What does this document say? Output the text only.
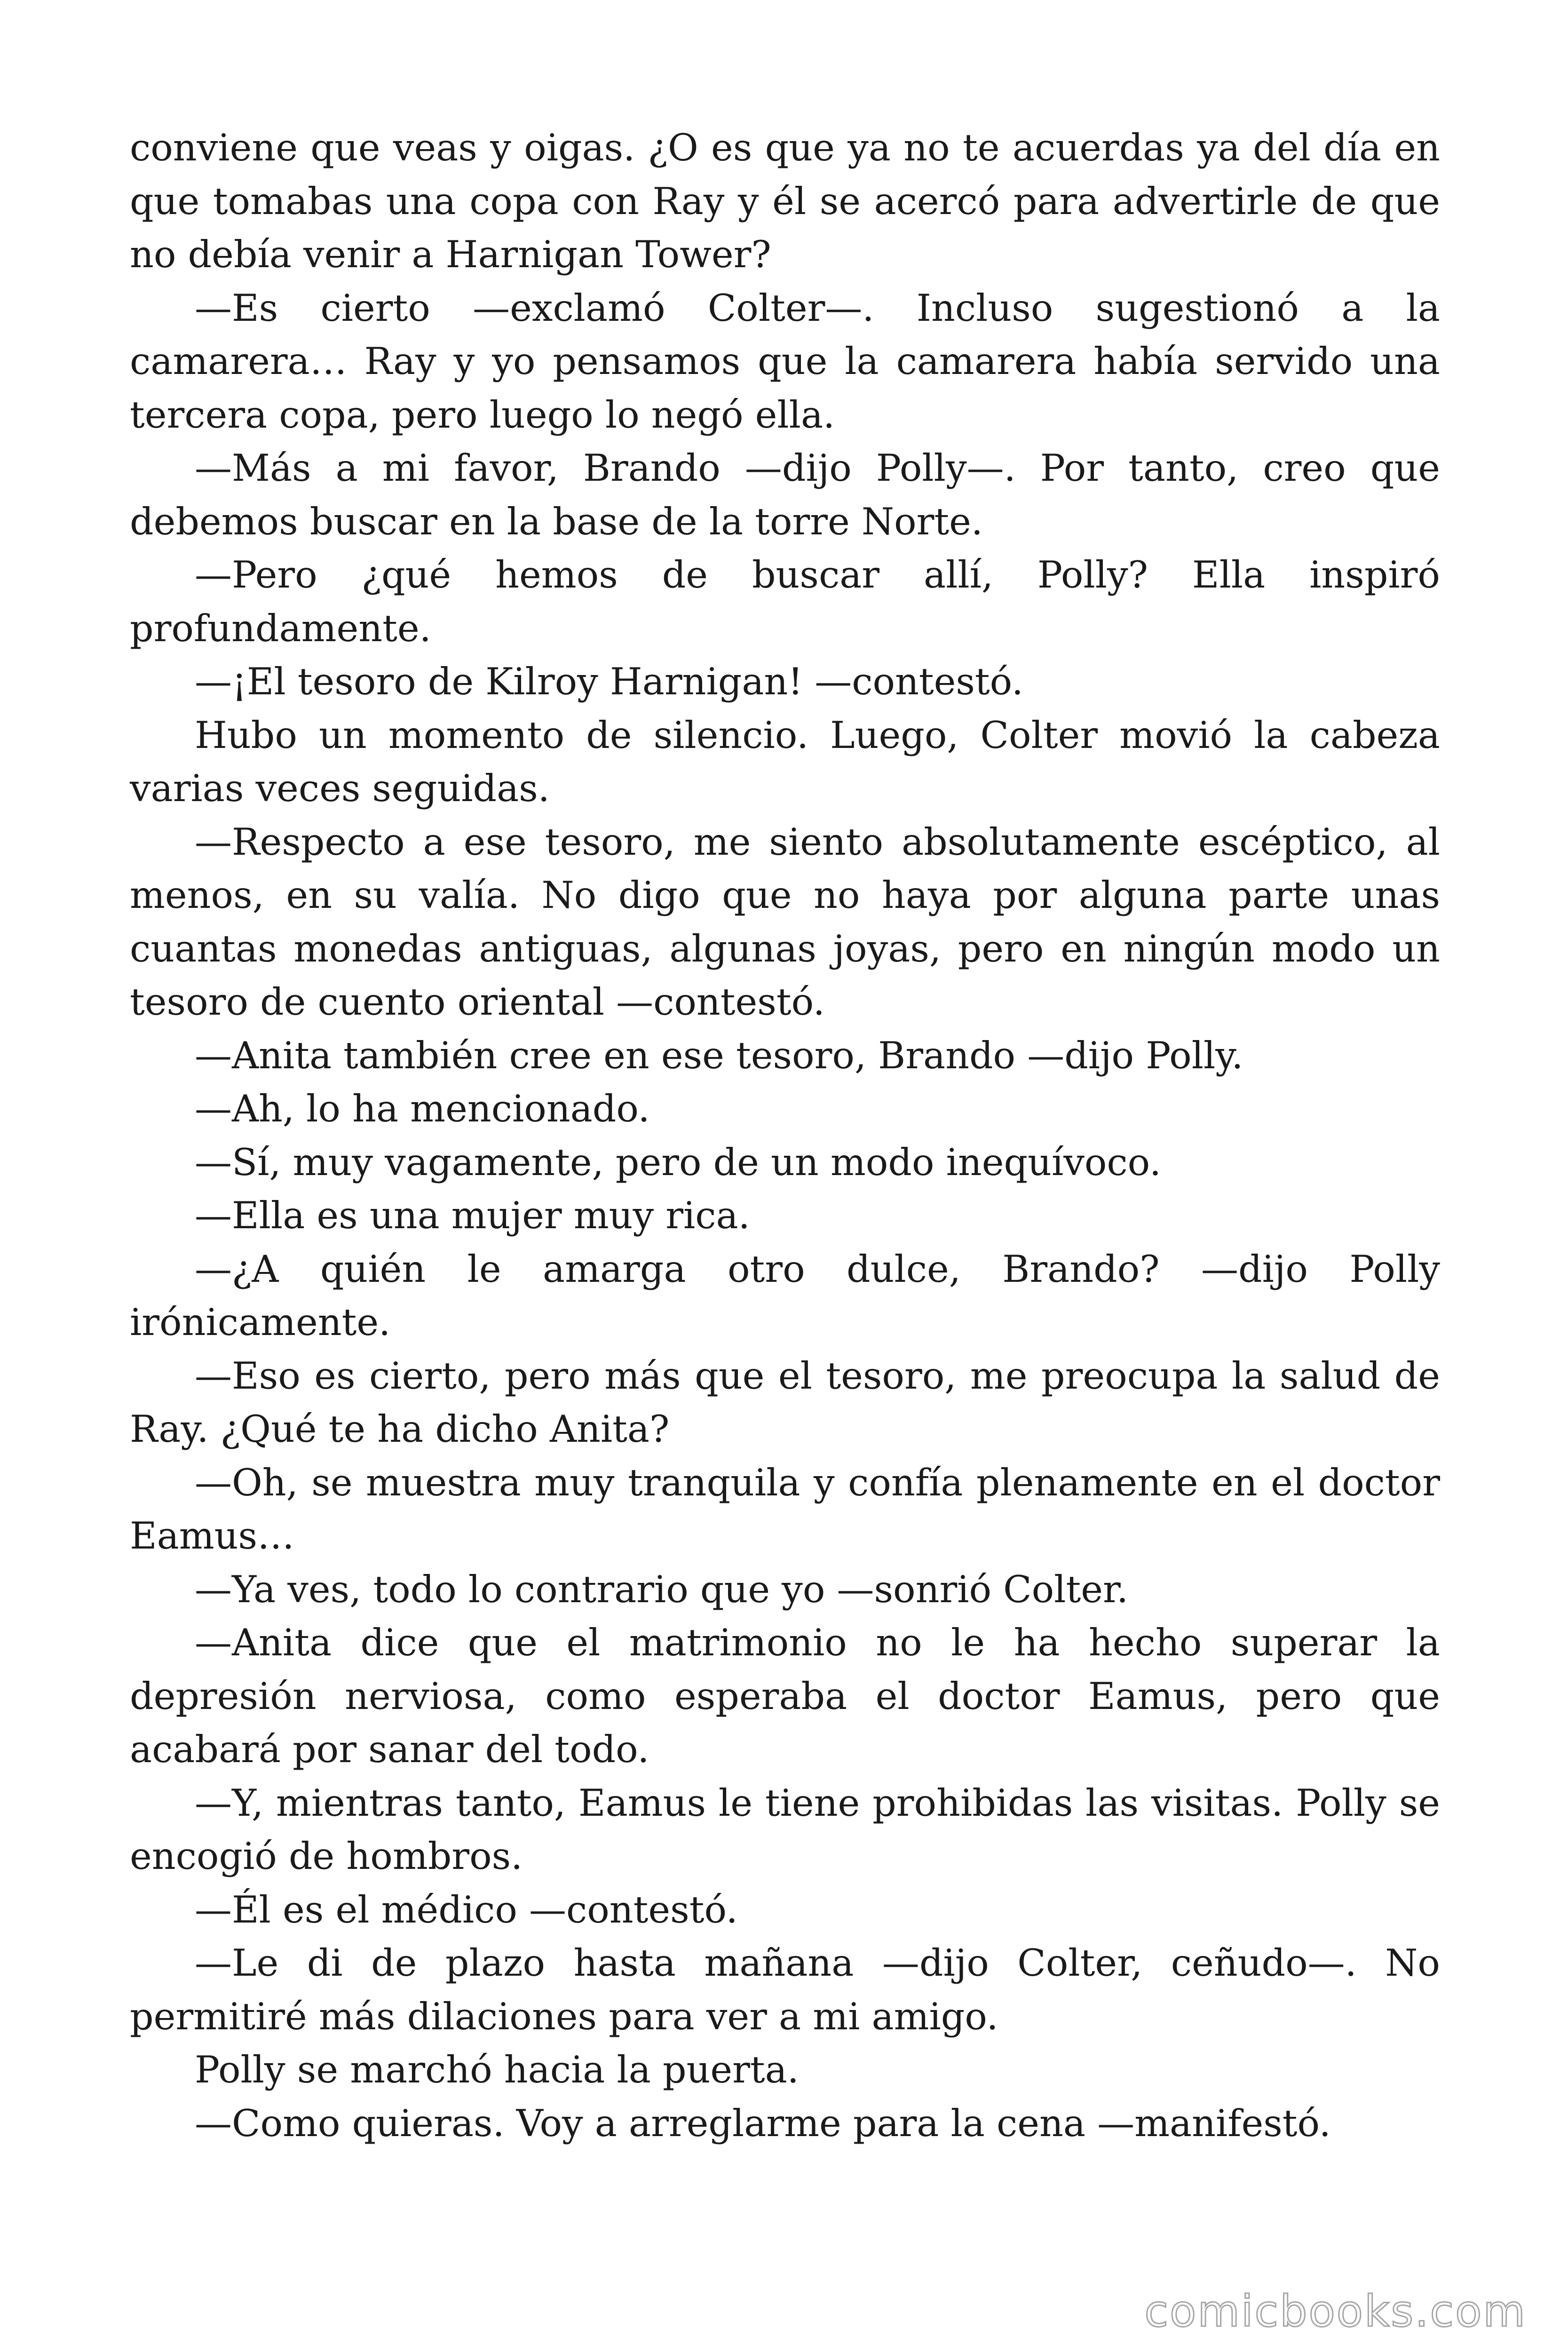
conviene que veas y oigas. ¿O es que ya no te acuerdas ya del día en que tomabas una copa con Ray y él se acercó para advertirle de que no debía venir a Harnigan Tower?

—Es cierto —exclamó Colter—. Incluso sugestionó a la camarera… Ray y yo pensamos que la camarera había servido una tercera copa, pero luego lo negó ella.

—Más a mi favor, Brando —dijo Polly—. Por tanto, creo que debemos buscar en la base de la torre Norte.

—Pero ¿qué hemos de buscar allí, Polly? Ella inspiró profundamente.

—¡El tesoro de Kilroy Harnigan! —contestó.

Hubo un momento de silencio. Luego, Colter movió la cabeza varias veces seguidas.

—Respecto a ese tesoro, me siento absolutamente escéptico, al menos, en su valía. No digo que no haya por alguna parte unas cuantas monedas antiguas, algunas joyas, pero en ningún modo un tesoro de cuento oriental —contestó.

—Anita también cree en ese tesoro, Brando —dijo Polly.

—Ah, lo ha mencionado.

—Sí, muy vagamente, pero de un modo inequívoco.

—Ella es una mujer muy rica.

—¿A quién le amarga otro dulce, Brando? —dijo Polly irónicamente.

—Eso es cierto, pero más que el tesoro, me preocupa la salud de Ray. ¿Qué te ha dicho Anita?

—Oh, se muestra muy tranquila y confía plenamente en el doctor Eamus…

—Ya ves, todo lo contrario que yo —sonrió Colter.

—Anita dice que el matrimonio no le ha hecho superar la depresión nerviosa, como esperaba el doctor Eamus, pero que acabará por sanar del todo.

—Y, mientras tanto, Eamus le tiene prohibidas las visitas. Polly se encogió de hombros.

—Él es el médico —contestó.

—Le di de plazo hasta mañana —dijo Colter, ceñudo—. No permitiré más dilaciones para ver a mi amigo.

Polly se marchó hacia la puerta.

—Como quieras. Voy a arreglarme para la cena —manifestó.

comicbooks.com
